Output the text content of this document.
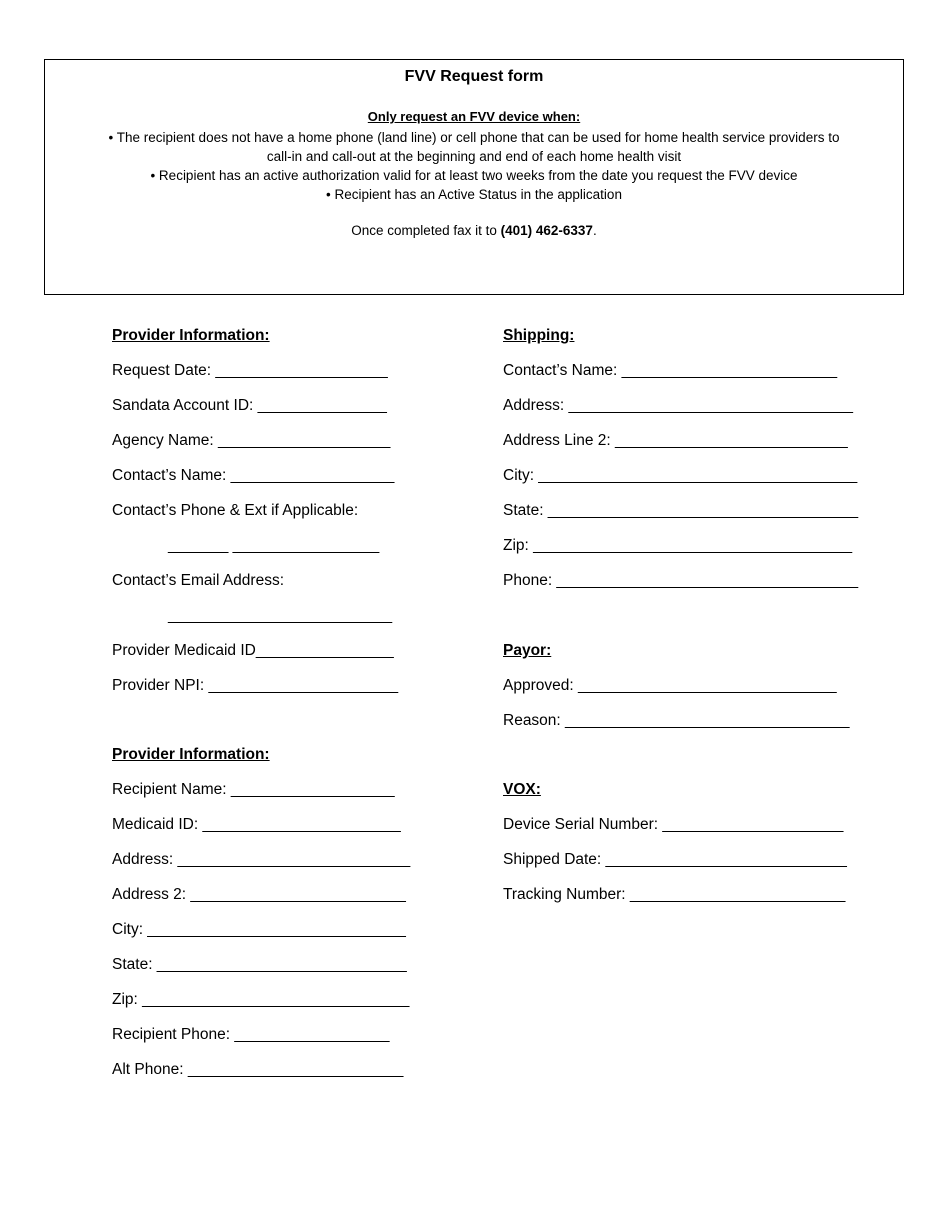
FVV Request form
Only request an FVV device when:
• The recipient does not have a home phone (land line) or cell phone that can be used for home health service providers to
call-in and call-out at the beginning and end of each home health visit
• Recipient has an active authorization valid for at least two weeks from the date you request the FVV device
• Recipient has an Active Status in the application
Once completed fax it to (401) 462-6337.
Provider Information:
Request Date: ____________________
Sandata Account ID: _______________
Agency Name: ____________________
Contact’s Name: ___________________
Contact’s Phone & Ext if Applicable:
_______ _________________
Contact’s Email Address:
__________________________
Provider Medicaid ID________________
Provider NPI: ______________________
Provider Information:
Recipient Name: ___________________
Medicaid ID: _______________________
Address: ___________________________
Address 2: _________________________
City: ______________________________
State: _____________________________
Zip: _______________________________
Recipient Phone: __________________
Alt Phone: _________________________
Shipping:
Contact’s Name: _________________________
Address: _________________________________
Address Line 2: ___________________________
City: _____________________________________
State: ____________________________________
Zip: _____________________________________
Phone: ___________________________________
Payor:
Approved: ______________________________
Reason: _________________________________
VOX:
Device Serial Number: _____________________
Shipped Date: ____________________________
Tracking Number: _________________________
